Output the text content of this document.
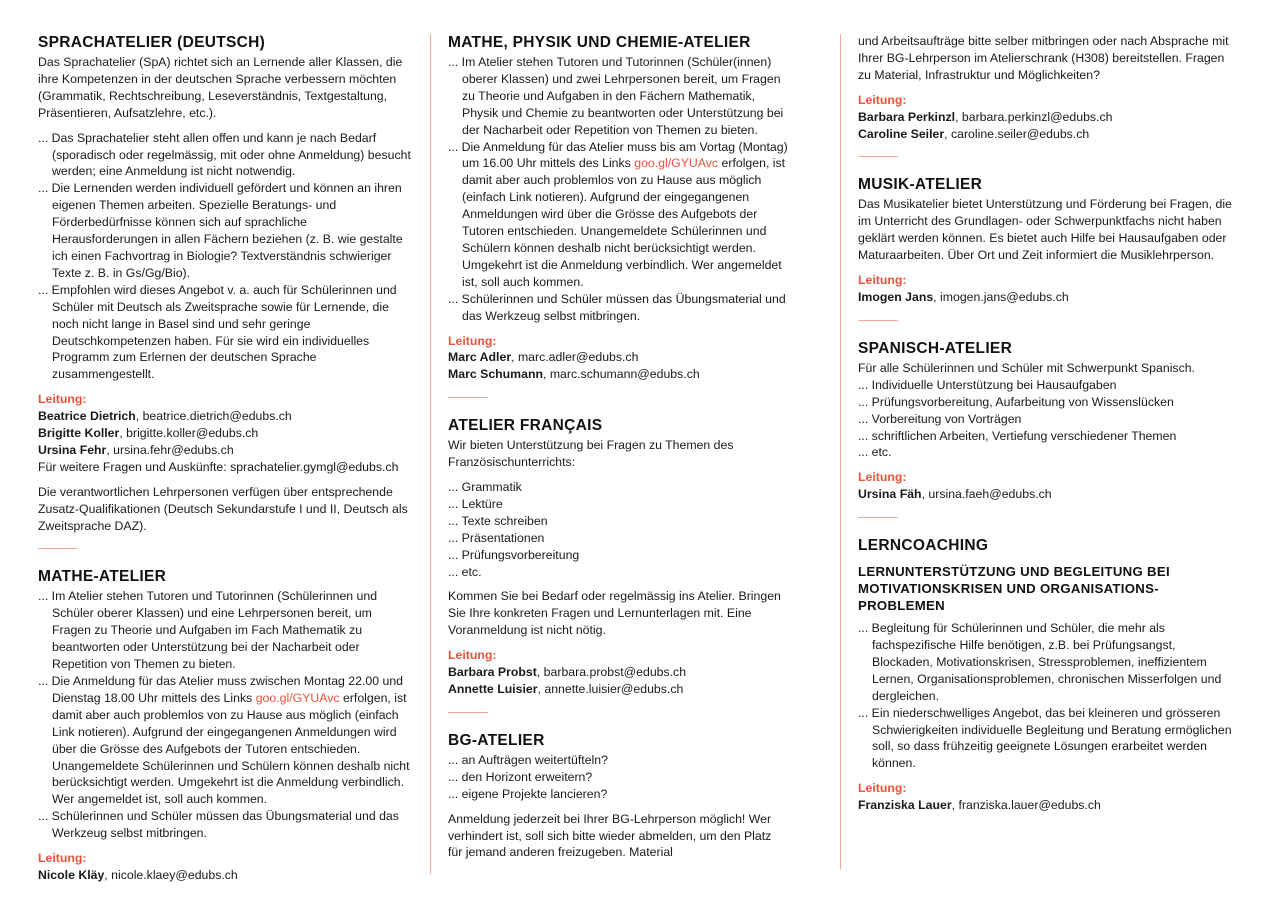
SPRACHATELIER (DEUTSCH)

Das Sprachatelier (SpA) richtet sich an Lernende aller Klassen, die ihre Kompetenzen in der deutschen Sprache verbessern möchten (Grammatik, Rechtschreibung, Leseverständnis, Textgestaltung, Präsentieren, Aufsatzlehre, etc.).

... Das Sprachatelier steht allen offen und kann je nach Bedarf (sporadisch oder regelmässig, mit oder ohne Anmeldung) besucht werden; eine Anmeldung ist nicht notwendig.
... Die Lernenden werden individuell gefördert und können an ihren eigenen Themen arbeiten. Spezielle Beratungs- und Förderbedürfnisse können sich auf sprachliche Herausforderungen in allen Fächern beziehen (z. B. wie gestalte ich einen Fachvortrag in Biologie? Textverständnis schwieriger Texte z. B. in Gs/Gg/Bio).
... Empfohlen wird dieses Angebot v. a. auch für Schülerinnen und Schüler mit Deutsch als Zweitsprache sowie für Lernende, die noch nicht lange in Basel sind und sehr geringe Deutschkompetenzen haben. Für sie wird ein individuelles Programm zum Erlernen der deutschen Sprache zusammengestellt.
Leitung:
Beatrice Dietrich, beatrice.dietrich@edubs.ch
Brigitte Koller, brigitte.koller@edubs.ch
Ursina Fehr, ursina.fehr@edubs.ch
Für weitere Fragen und Auskünfte: sprachatelier.gymgl@edubs.ch

Die verantwortlichen Lehrpersonen verfügen über entsprechende Zusatz-Qualifikationen (Deutsch Sekundarstufe I und II, Deutsch als Zweitsprache DAZ).

MATHE-ATELIER
... Im Atelier stehen Tutoren und Tutorinnen (Schülerinnen und Schüler oberer Klassen) und eine Lehrpersonen bereit, um Fragen zu Theorie und Aufgaben im Fach Mathematik zu beantworten oder Unterstützung bei der Nacharbeit oder Repetition von Themen zu bieten.
... Die Anmeldung für das Atelier muss zwischen Montag 22.00 und Dienstag 18.00 Uhr mittels des Links goo.gl/GYUAvc erfolgen, ist damit aber auch problemlos von zu Hause aus möglich (einfach Link notieren). Aufgrund der eingegangenen Anmeldungen wird über die Grösse des Aufgebots der Tutoren entschieden. Unangemeldete Schülerinnen und Schülern können deshalb nicht berücksichtigt werden. Umgekehrt ist die Anmeldung verbindlich. Wer angemeldet ist, soll auch kommen.
... Schülerinnen und Schüler müssen das Übungsmaterial und das Werkzeug selbst mitbringen.
Leitung:
Nicole Kläy, nicole.klaey@edubs.ch
MATHE, PHYSIK UND CHEMIE-ATELIER
... Im Atelier stehen Tutoren und Tutorinnen (Schüler(innen) oberer Klassen) und zwei Lehrpersonen bereit, um Fragen zu Theorie und Aufgaben in den Fächern Mathematik, Physik und Chemie zu beantworten oder Unterstützung bei der Nacharbeit oder Repetition von Themen zu bieten.
... Die Anmeldung für das Atelier muss bis am Vortag (Montag) um 16.00 Uhr mittels des Links goo.gl/GYUAvc erfolgen, ist damit aber auch problemlos von zu Hause aus möglich (einfach Link notieren). Aufgrund der eingegangenen Anmeldungen wird über die Grösse des Aufgebots der Tutoren entschieden. Unangemeldete Schülerinnen und Schülern können deshalb nicht berücksichtigt werden. Umgekehrt ist die Anmeldung verbindlich. Wer angemeldet ist, soll auch kommen.
... Schülerinnen und Schüler müssen das Übungsmaterial und das Werkzeug selbst mitbringen.
Leitung:
Marc Adler, marc.adler@edubs.ch
Marc Schumann, marc.schumann@edubs.ch
ATELIER FRANÇAIS

Wir bieten Unterstützung bei Fragen zu Themen des Französischunterrichts:

... Grammatik
... Lektüre
... Texte schreiben
... Präsentationen
... Prüfungsvorbereitung
... etc.

Kommen Sie bei Bedarf oder regelmässig ins Atelier. Bringen Sie Ihre konkreten Fragen und Lernunterlagen mit. Eine Voranmeldung ist nicht nötig.

Leitung:
Barbara Probst, barbara.probst@edubs.ch
Annette Luisier, annette.luisier@edubs.ch
BG-ATELIER
... an Aufträgen weitertüfteln?
... den Horizont erweitern?
... eigene Projekte lancieren?

Anmeldung jederzeit bei Ihrer BG-Lehrperson möglich! Wer verhindert ist, soll sich bitte wieder abmelden, um den Platz für jemand anderen freizugeben. Material

und Arbeitsaufträge bitte selber mitbringen oder nach Absprache mit Ihrer BG-Lehrperson im Atelierschrank (H308) bereitstellen. Fragen zu Material, Infrastruktur und Möglichkeiten?

Leitung:
Barbara Perkinzl, barbara.perkinzl@edubs.ch
Caroline Seiler, caroline.seiler@edubs.ch
MUSIK-ATELIER

Das Musikatelier bietet Unterstützung und Förderung bei Fragen, die im Unterricht des Grundlagen- oder Schwerpunktfachs nicht haben geklärt werden können. Es bietet auch Hilfe bei Hausaufgaben oder Maturaarbeiten. Über Ort und Zeit informiert die Musiklehrperson.

Leitung:
Imogen Jans, imogen.jans@edubs.ch
SPANISCH-ATELIER
Für alle Schülerinnen und Schüler mit Schwerpunkt Spanisch.
... Individuelle Unterstützung bei Hausaufgaben
... Prüfungsvorbereitung, Aufarbeitung von Wissenslücken
... Vorbereitung von Vorträgen
... schriftlichen Arbeiten, Vertiefung verschiedener Themen
... etc.
Leitung:
Ursina Fäh, ursina.faeh@edubs.ch
LERNCOACHING
LERNUNTERSTÜTZUNG UND BEGLEITUNG BEI MOTIVATIONSKRISEN UND ORGANISATIONS-PROBLEMEN
... Begleitung für Schülerinnen und Schüler, die mehr als fachspezifische Hilfe benötigen, z.B. bei Prüfungsangst, Blockaden, Motivationskrisen, Stressproblemen, ineffizientem Lernen, Organisationsproblemen, chronischen Misserfolgen und dergleichen.
... Ein niederschwelliges Angebot, das bei kleineren und grösseren Schwierigkeiten individuelle Begleitung und Beratung ermöglichen soll, so dass frühzeitig geeignete Lösungen erarbeitet werden können.
Leitung:
Franziska Lauer, franziska.lauer@edubs.ch
